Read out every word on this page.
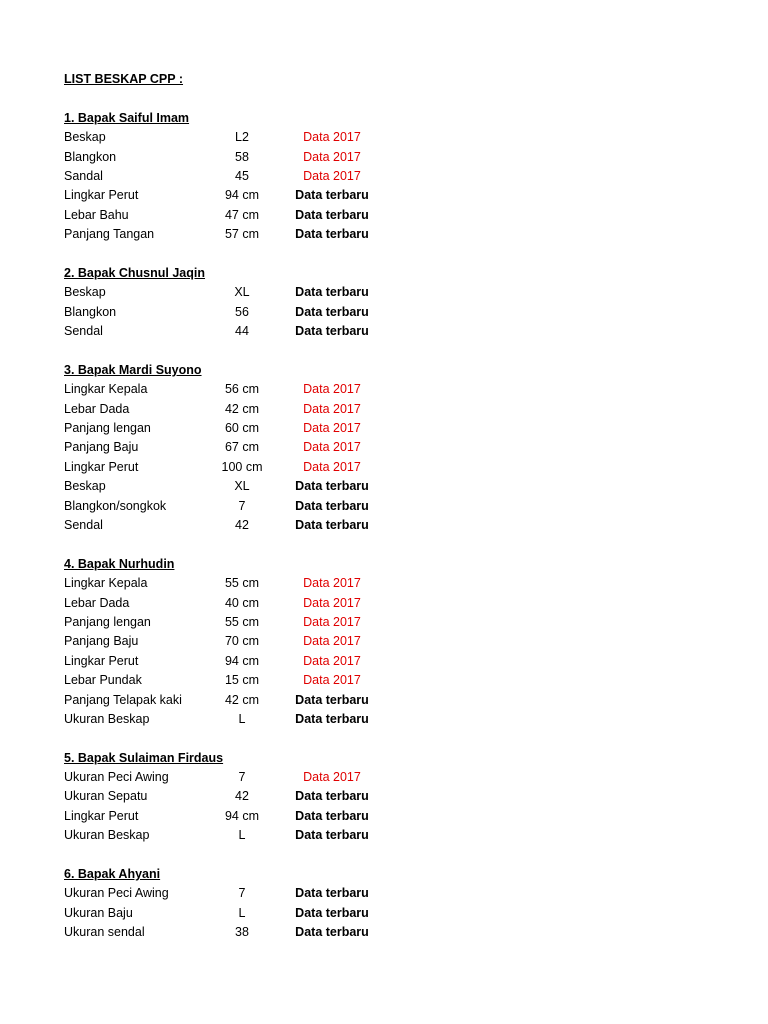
LIST BESKAP CPP :
1. Bapak Saiful Imam
Beskap	L2	Data 2017
Blangkon	58	Data 2017
Sandal	45	Data 2017
Lingkar Perut	94 cm	Data terbaru
Lebar Bahu	47 cm	Data terbaru
Panjang Tangan	57 cm	Data terbaru
2. Bapak Chusnul Jaqin
Beskap	XL	Data terbaru
Blangkon	56	Data terbaru
Sendal	44	Data terbaru
3. Bapak Mardi Suyono
Lingkar Kepala	56 cm	Data 2017
Lebar Dada	42 cm	Data 2017
Panjang lengan	60 cm	Data 2017
Panjang Baju	67 cm	Data 2017
Lingkar Perut	100 cm	Data 2017
Beskap	XL	Data terbaru
Blangkon/songkok	7	Data terbaru
Sendal	42	Data terbaru
4. Bapak Nurhudin
Lingkar Kepala	55 cm	Data 2017
Lebar Dada	40 cm	Data 2017
Panjang lengan	55 cm	Data 2017
Panjang Baju	70 cm	Data 2017
Lingkar Perut	94 cm	Data 2017
Lebar Pundak	15 cm	Data 2017
Panjang Telapak kaki	42 cm	Data terbaru
Ukuran Beskap	L	Data terbaru
5. Bapak Sulaiman Firdaus
Ukuran Peci Awing	7	Data 2017
Ukuran Sepatu	42	Data terbaru
Lingkar Perut	94 cm	Data terbaru
Ukuran Beskap	L	Data terbaru
6. Bapak Ahyani
Ukuran Peci Awing	7	Data terbaru
Ukuran Baju	L	Data terbaru
Ukuran sendal	38	Data terbaru
